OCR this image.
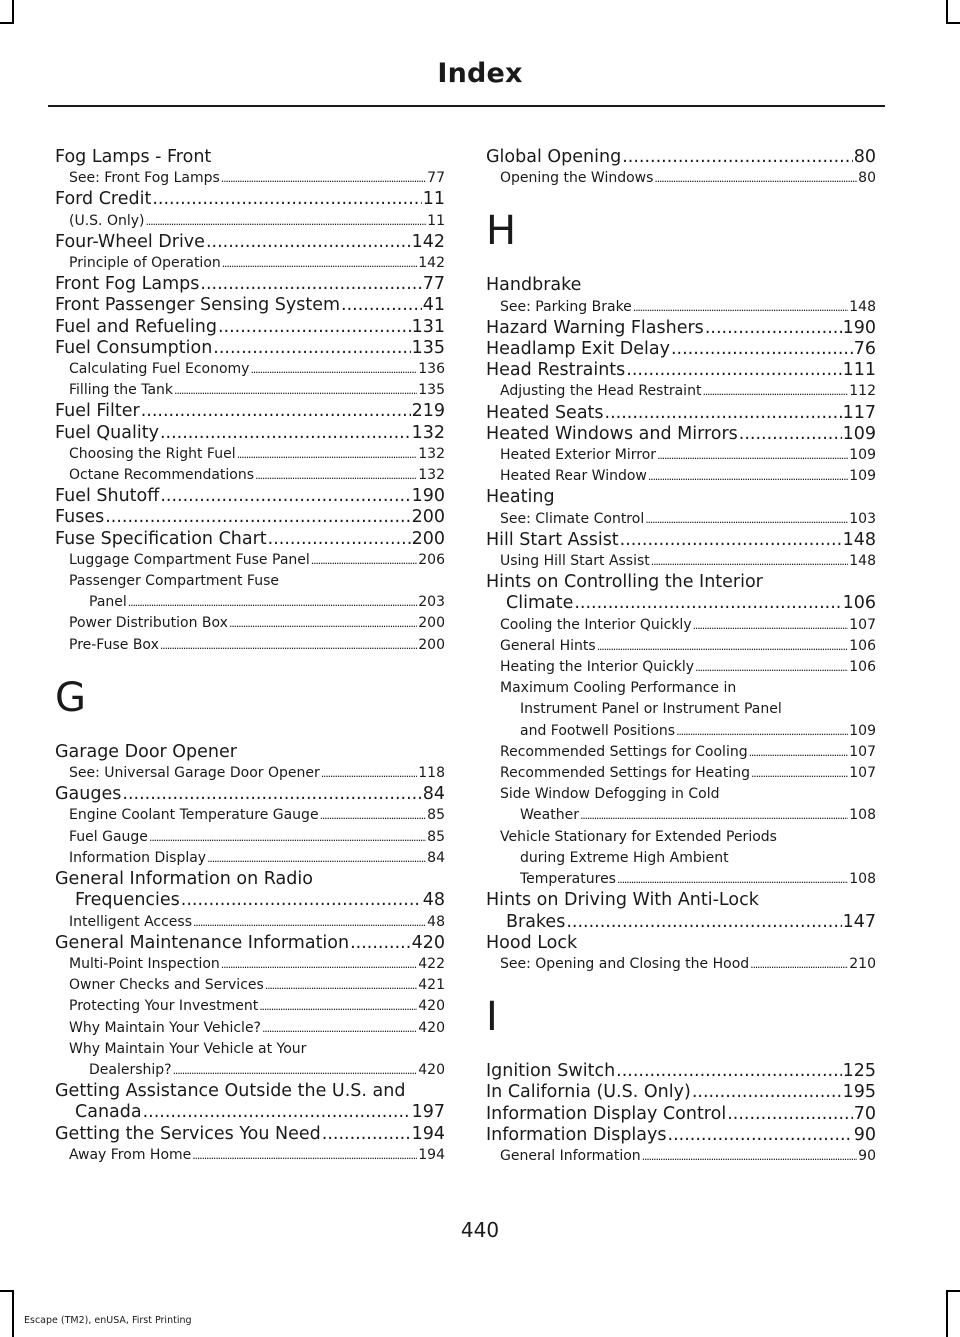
Index
Fog Lamps - Front
See: Front Fog Lamps .....	77
Ford Credit .....	11
(U.S. Only) .....	11
Four-Wheel Drive .....	142
Principle of Operation .....	142
Front Fog Lamps .....	77
Front Passenger Sensing System .....	41
Fuel and Refueling .....	131
Fuel Consumption .....	135
Calculating Fuel Economy .....	136
Filling the Tank .....	135
Fuel Filter .....	219
Fuel Quality .....	132
Choosing the Right Fuel .....	132
Octane Recommendations .....	132
Fuel Shutoff .....	190
Fuses .....	200
Fuse Specification Chart .....	200
Luggage Compartment Fuse Panel .....	206
Passenger Compartment Fuse
Panel .....	203
Power Distribution Box .....	200
Pre-Fuse Box .....	200
G
Garage Door Opener
See: Universal Garage Door Opener .....	118
Gauges .....	84
Engine Coolant Temperature Gauge .....	85
Fuel Gauge .....	85
Information Display .....	84
General Information on Radio
Frequencies .....	48
Intelligent Access .....	48
General Maintenance Information .....	420
Multi-Point Inspection .....	422
Owner Checks and Services .....	421
Protecting Your Investment .....	420
Why Maintain Your Vehicle? .....	420
Why Maintain Your Vehicle at Your
Dealership? .....	420
Getting Assistance Outside the U.S. and
Canada .....	197
Getting the Services You Need .....	194
Away From Home .....	194
Global Opening .....	80
Opening the Windows .....	80
H
Handbrake
See: Parking Brake .....	148
Hazard Warning Flashers .....	190
Headlamp Exit Delay .....	76
Head Restraints .....	111
Adjusting the Head Restraint .....	112
Heated Seats .....	117
Heated Windows and Mirrors .....	109
Heated Exterior Mirror .....	109
Heated Rear Window .....	109
Heating
See: Climate Control .....	103
Hill Start Assist .....	148
Using Hill Start Assist .....	148
Hints on Controlling the Interior
Climate .....	106
Cooling the Interior Quickly .....	107
General Hints .....	106
Heating the Interior Quickly .....	106
Maximum Cooling Performance in
Instrument Panel or Instrument Panel
and Footwell Positions .....	109
Recommended Settings for Cooling .....	107
Recommended Settings for Heating .....	107
Side Window Defogging in Cold
Weather .....	108
Vehicle Stationary for Extended Periods
during Extreme High Ambient
Temperatures .....	108
Hints on Driving With Anti-Lock
Brakes .....	147
Hood Lock
See: Opening and Closing the Hood .....	210
I
Ignition Switch .....	125
In California (U.S. Only) .....	195
Information Display Control .....	70
Information Displays .....	90
General Information .....	90
440
Escape (TM2), enUSA, First Printing
